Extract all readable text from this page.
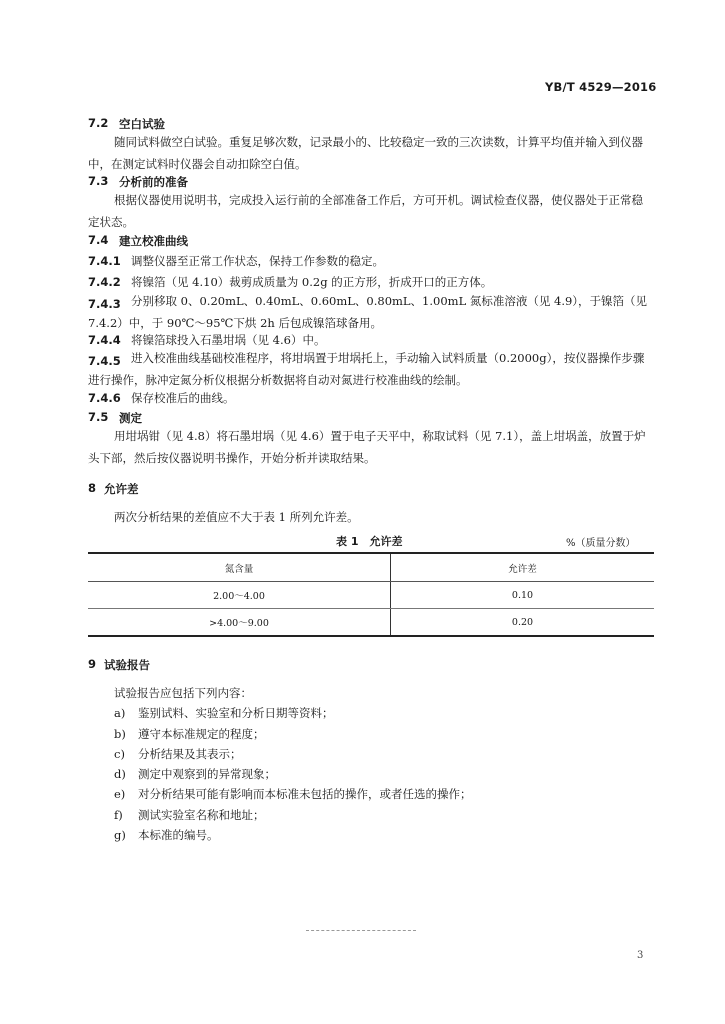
YB/T 4529—2016
7.2 空白试验
随同试料做空白试验。重复足够次数，记录最小的、比较稳定一致的三次读数，计算平均值并输入到仪器中，在测定试料时仪器会自动扣除空白值。
7.3 分析前的准备
根据仪器使用说明书，完成投入运行前的全部准备工作后，方可开机。调试检查仪器，使仪器处于正常稳定状态。
7.4 建立校准曲线
7.4.1 调整仪器至正常工作状态，保持工作参数的稳定。
7.4.2 将镍箔（见 4.10）裁剪成质量为 0.2g 的正方形，折成开口的正方体。
7.4.3 分别移取 0、0.20mL、0.40mL、0.60mL、0.80mL、1.00mL 氮标准溶液（见 4.9），于镍箔（见 7.4.2）中，于 90℃～95℃下烘 2h 后包成镍箔球备用。
7.4.4 将镍箔球投入石墨坩埚（见 4.6）中。
7.4.5 进入校准曲线基础校准程序，将坩埚置于坩埚托上，手动输入试料质量（0.2000g），按仪器操作步骤进行操作，脉冲定氮分析仪根据分析数据将自动对氮进行校准曲线的绘制。
7.4.6 保存校准后的曲线。
7.5 测定
用坩埚钳（见 4.8）将石墨坩埚（见 4.6）置于电子天平中，称取试料（见 7.1），盖上坩埚盖，放置于炉头下部，然后按仪器说明书操作，开始分析并读取结果。
8 允许差
两次分析结果的差值应不大于表 1 所列允许差。
表 1　允许差	%（质量分数）
氮含量	允许差
2.00～4.00	0.10
>4.00～9.00	0.20
9 试验报告
试验报告应包括下列内容：
a) 鉴别试料、实验室和分析日期等资料；
b) 遵守本标准规定的程度；
c) 分析结果及其表示；
d) 测定中观察到的异常现象；
e) 对分析结果可能有影响而本标准未包括的操作，或者任选的操作；
f) 测试实验室名称和地址；
g) 本标准的编号。
3
